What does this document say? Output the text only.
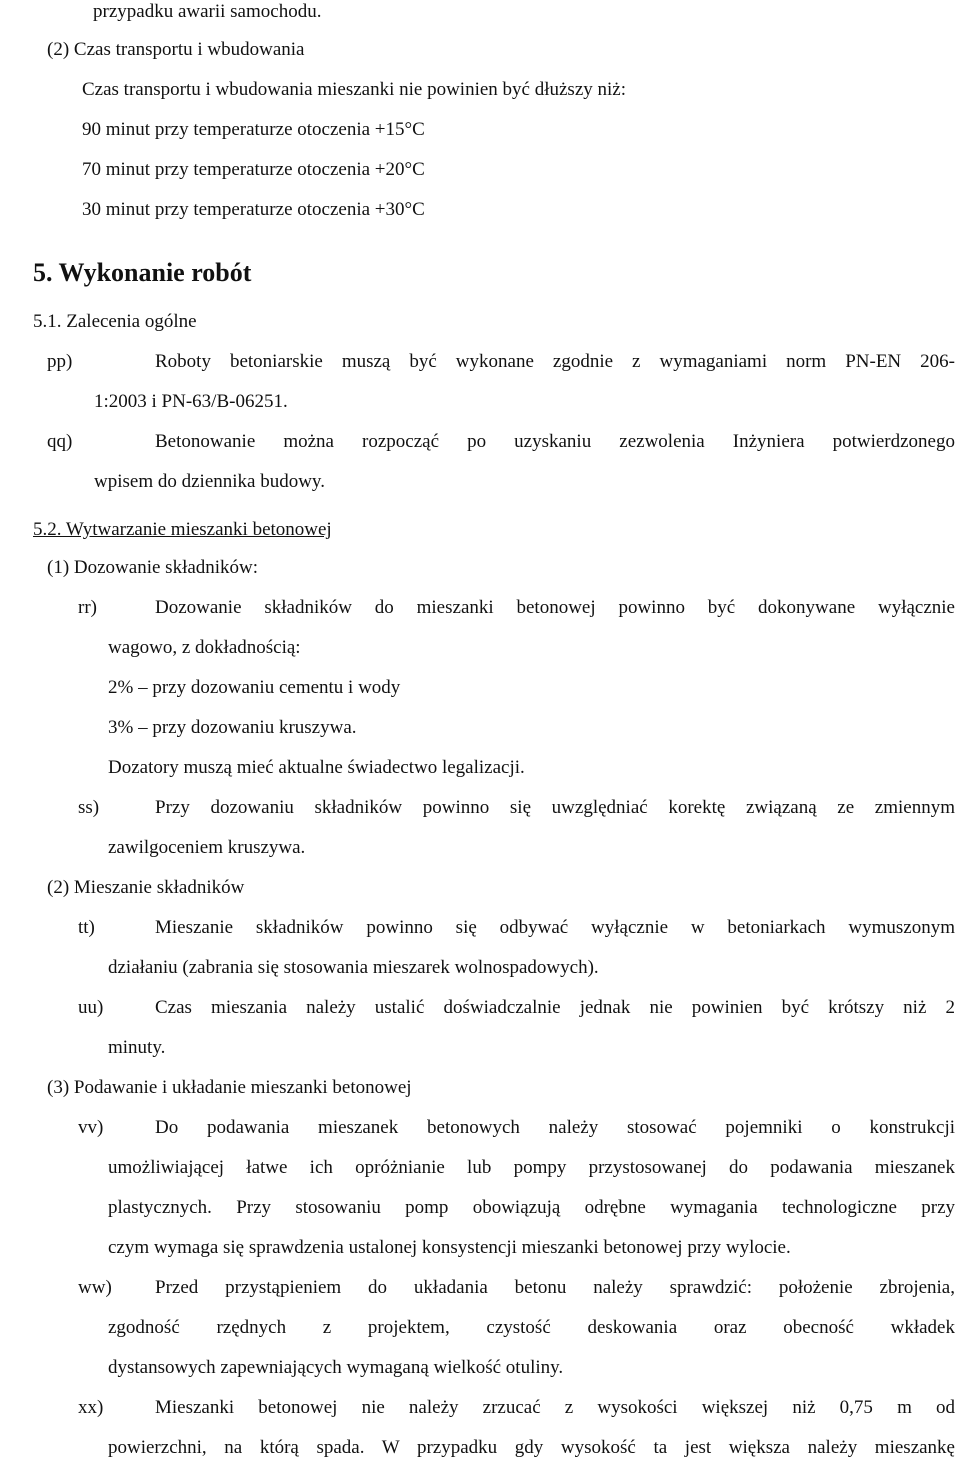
przypadku awarii samochodu.
(2) Czas transportu i wbudowania
Czas transportu i wbudowania mieszanki nie powinien być dłuższy niż:
90 minut przy temperaturze otoczenia +15°C
70 minut przy temperaturze otoczenia +20°C
30 minut przy temperaturze otoczenia +30°C
5. Wykonanie robót
5.1. Zalecenia ogólne
pp)	Roboty betoniarskie muszą być wykonane zgodnie z wymaganiami norm PN-EN 206-
1:2003 i PN-63/B-06251.
qq)	Betonowanie można rozpocząć po uzyskaniu zezwolenia Inżyniera potwierdzonego
wpisem do dziennika budowy.
5.2. Wytwarzanie mieszanki betonowej
(1) Dozowanie składników:
rr)	Dozowanie składników do mieszanki betonowej powinno być dokonywane wyłącznie
wagowo, z dokładnością:
2% – przy dozowaniu cementu i wody
3% – przy dozowaniu kruszywa.
Dozatory muszą mieć aktualne świadectwo legalizacji.
ss)	Przy dozowaniu składników powinno się uwzględniać korektę związaną ze zmiennym
zawilgoceniem kruszywa.
(2) Mieszanie składników
tt)	Mieszanie składników powinno się odbywać wyłącznie w betoniarkach wymuszonym
działaniu (zabrania się stosowania mieszarek wolnospadowych).
uu)	Czas mieszania należy ustalić doświadczalnie jednak nie powinien być krótszy niż 2
minuty.
(3) Podawanie i układanie mieszanki betonowej
vv)	Do podawania mieszanek betonowych należy stosować pojemniki o konstrukcji
umożliwiającej łatwe ich opróżnianie lub pompy przystosowanej do podawania mieszanek
plastycznych. Przy stosowaniu pomp obowiązują odrębne wymagania technologiczne przy
czym wymaga się sprawdzenia ustalonej konsystencji mieszanki betonowej przy wylocie.
ww) Przed przystąpieniem do układania betonu należy sprawdzić: położenie zbrojenia,
zgodność rzędnych z projektem, czystość deskowania oraz obecność wkładek
dystansowych zapewniających wymaganą wielkość otuliny.
xx)	Mieszanki betonowej nie należy zrzucać z wysokości większej niż 0,75 m od
powierzchni, na którą spada. W przypadku gdy wysokość ta jest większa należy mieszankę
